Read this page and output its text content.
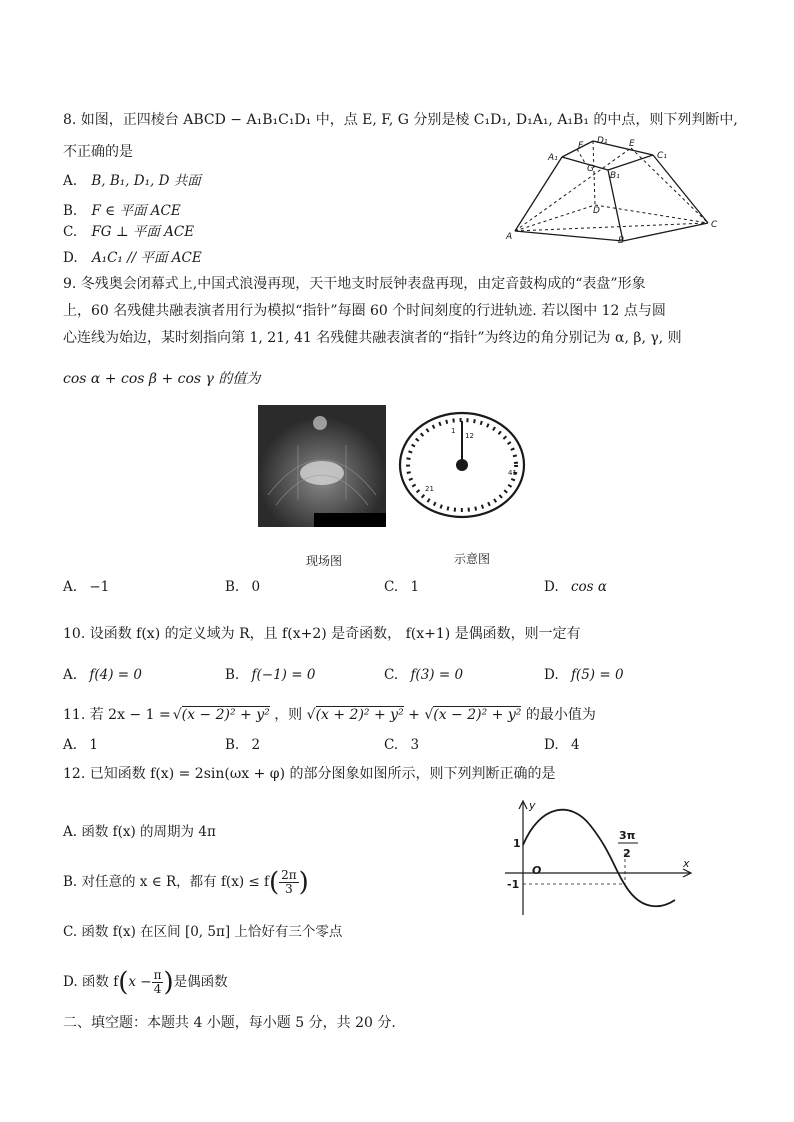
8. 如图，正四棱台 ABCD − A₁B₁C₁D₁ 中，点 E, F, G 分别是棱 C₁D₁, D₁A₁, A₁B₁ 的中点，则下列判断中,
不正确的是
A. B, B₁, D₁, D 共面
B. F ∈ 平面 ACE
C. FG ⊥ 平面 ACE
D. A₁C₁ // 平面 ACE
A	B
C
D
A₁
B₁
C₁
D₁ E
F
G
9. 冬残奥会闭幕式上,中国式浪漫再现，天干地支时辰钟表盘再现，由定音鼓构成的“表盘”形象
上，60 名残健共融表演者用行为模拟“指针”每圈 60 个时间刻度的行进轨迹. 若以图中 12 点与圆
心连线为始边，某时刻指向第 1, 21, 41 名残健共融表演者的“指针”为终边的角分别记为 α, β, γ, 则
cos α + cos β + cos γ 的值为
现场图
1
12
21
41
示意图
A. −1	B. 0	C. 1	D. cos α
10. 设函数 f(x) 的定义域为 R，且 f(x+2) 是奇函数， f(x+1) 是偶函数，则一定有
A. f(4) = 0	B. f(−1) = 0	C. f(3) = 0	D. f(5) = 0
11. 若 2x − 1 = √(x − 2)² + y² ，则 √(x + 2)² + y² + √(x − 2)² + y² 的最小值为
A. 1	B. 2	C. 3	D. 4
12. 已知函数 f(x) = 2sin(ωx + φ) 的部分图象如图所示，则下列判断正确的是
A. 函数 f(x) 的周期为 4π
B. 对任意的 x ∈ R，都有 $f(x) \le f( \frac{2\pi}{3}$ )
C. 函数 f(x) 在区间 [0, 5π] 上恰好有三个零点
D. 函数 $f(x - \frac{\pi}{4}$ )是偶函数
y
x
O
1
-1
3π
2
二、填空题：本题共 4 小题，每小题 5 分，共 20 分.
